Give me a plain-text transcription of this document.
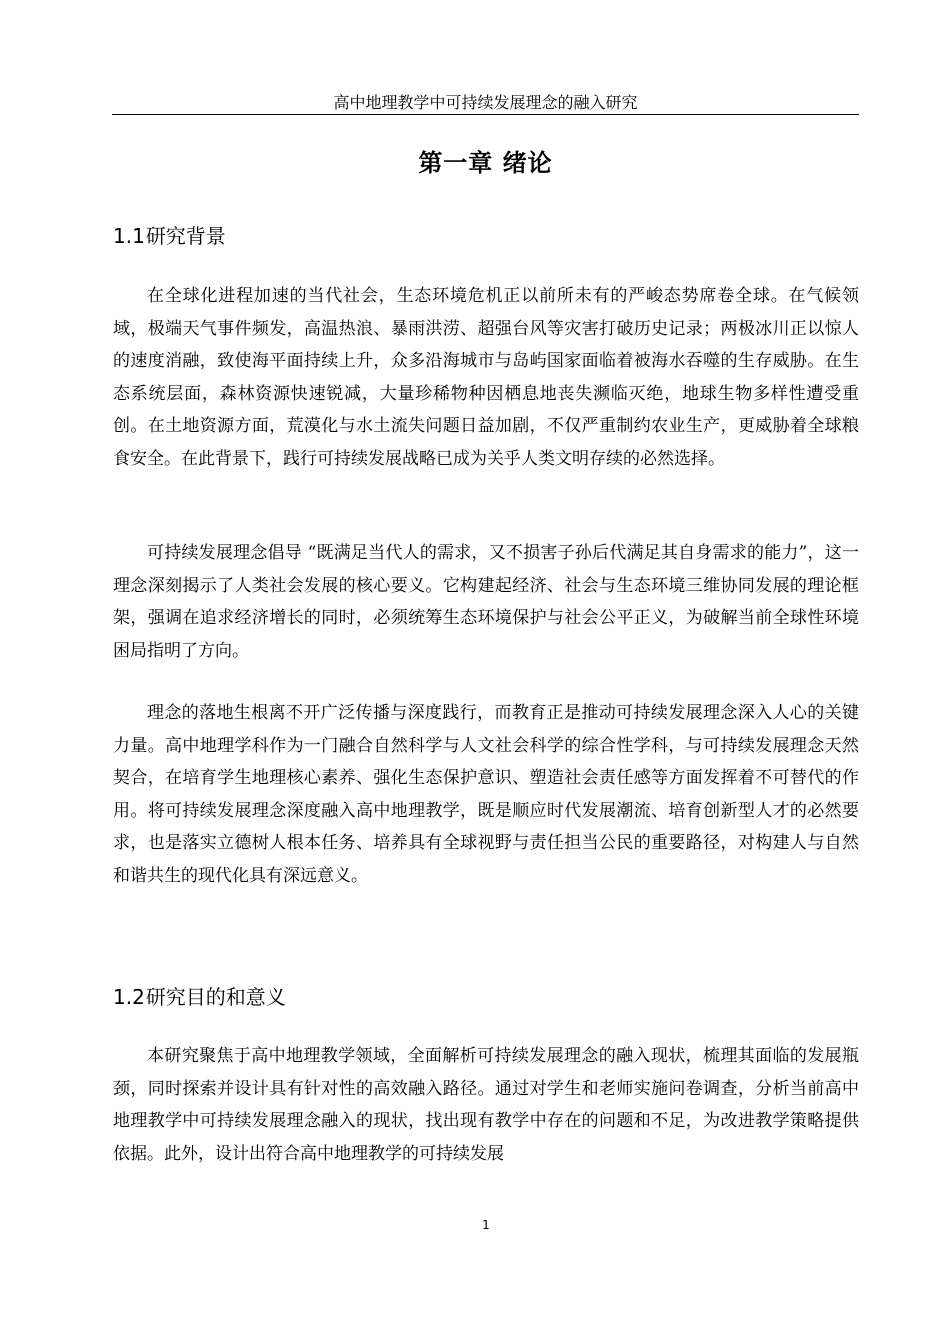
高中地理教学中可持续发展理念的融入研究
第一章 绪论
1.1研究背景

在全球化进程加速的当代社会，生态环境危机正以前所未有的严峻态势席卷全球。在气候领域，极端天气事件频发，高温热浪、暴雨洪涝、超强台风等灾害打破历史记录；两极冰川正以惊人的速度消融，致使海平面持续上升，众多沿海城市与岛屿国家面临着被海水吞噬的生存威胁。在生态系统层面，森林资源快速锐减，大量珍稀物种因栖息地丧失濒临灭绝，地球生物多样性遭受重创。在土地资源方面，荒漠化与水土流失问题日益加剧，不仅严重制约农业生产，更威胁着全球粮食安全。在此背景下，践行可持续发展战略已成为关乎人类文明存续的必然选择。

可持续发展理念倡导 “既满足当代人的需求，又不损害子孙后代满足其自身需求的能力”，这一理念深刻揭示了人类社会发展的核心要义。它构建起经济、社会与生态环境三维协同发展的理论框架，强调在追求经济增长的同时，必须统筹生态环境保护与社会公平正义，为破解当前全球性环境困局指明了方向。

理念的落地生根离不开广泛传播与深度践行，而教育正是推动可持续发展理念深入人心的关键力量。高中地理学科作为一门融合自然科学与人文社会科学的综合性学科，与可持续发展理念天然契合，在培育学生地理核心素养、强化生态保护意识、塑造社会责任感等方面发挥着不可替代的作用。将可持续发展理念深度融入高中地理教学，既是顺应时代发展潮流、培育创新型人才的必然要求，也是落实立德树人根本任务、培养具有全球视野与责任担当公民的重要路径，对构建人与自然和谐共生的现代化具有深远意义。

1.2研究目的和意义

本研究聚焦于高中地理教学领域，全面解析可持续发展理念的融入现状，梳理其面临的发展瓶颈，同时探索并设计具有针对性的高效融入路径。通过对学生和老师实施问卷调查，分析当前高中地理教学中可持续发展理念融入的现状，找出现有教学中存在的问题和不足，为改进教学策略提供依据。此外，设计出符合高中地理教学的可持续发展

1
